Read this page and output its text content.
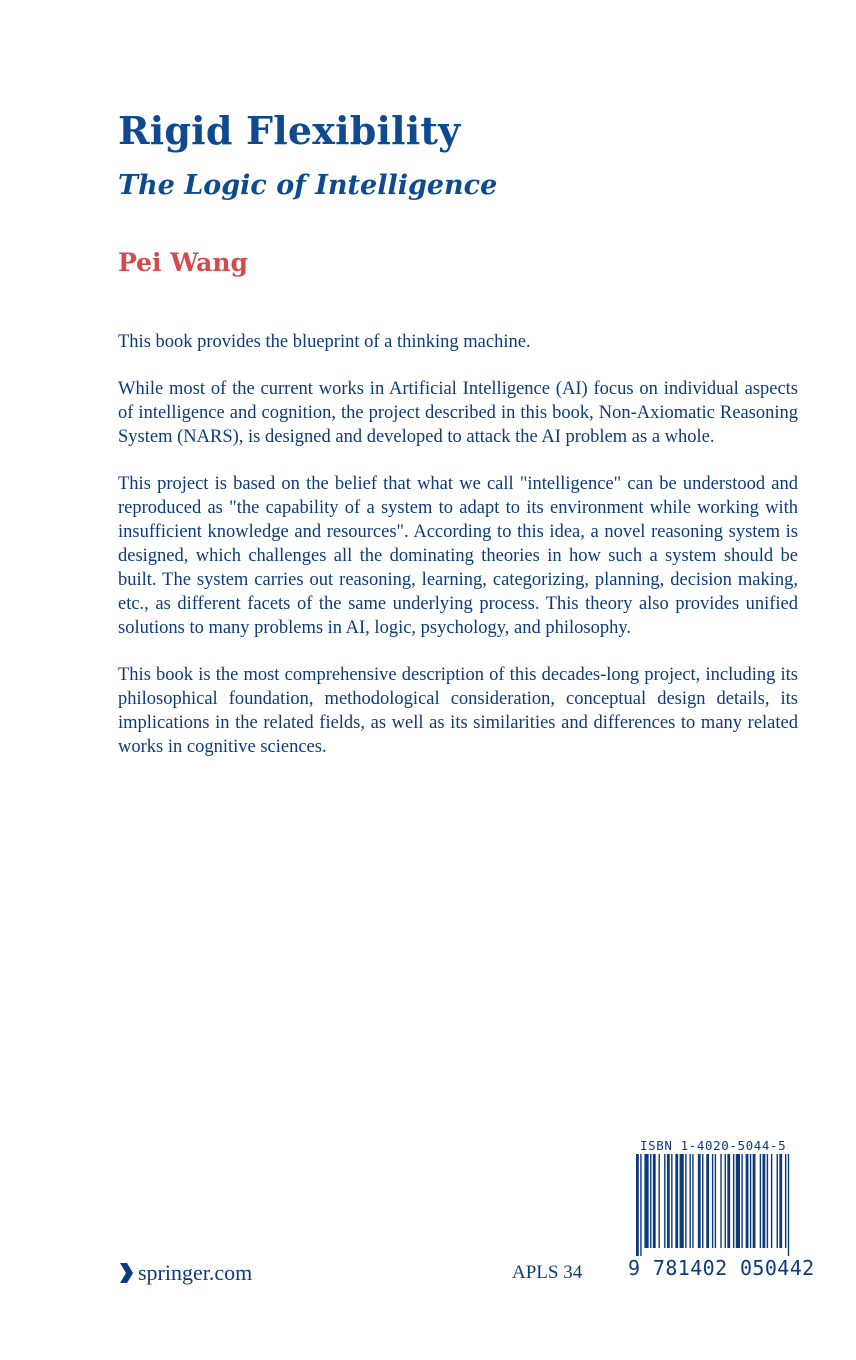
Rigid Flexibility
The Logic of Intelligence
Pei Wang

This book provides the blueprint of a thinking machine.

While most of the current works in Artificial Intelligence (AI) focus on individual aspects of intelligence and cognition, the project described in this book, Non-Axiomatic Reasoning System (NARS), is designed and developed to attack the AI problem as a whole.

This project is based on the belief that what we call "intelligence" can be understood and reproduced as "the capability of a system to adapt to its environment while working with insufficient knowledge and resources". According to this idea, a novel reasoning system is designed, which challenges all the dominating theories in how such a system should be built. The system carries out reasoning, learning, categorizing, planning, decision making, etc., as different facets of the same underlying process. This theory also provides unified solutions to many problems in AI, logic, psychology, and philosophy.

This book is the most comprehensive description of this decades-long project, including its philosophical foundation, methodological consideration, conceptual design details, its implications in the related fields, as well as its similarities and differences to many related works in cognitive sciences.

springer.com	APLS 34
ISBN 1-4020-5044-5
9 781402 050442
